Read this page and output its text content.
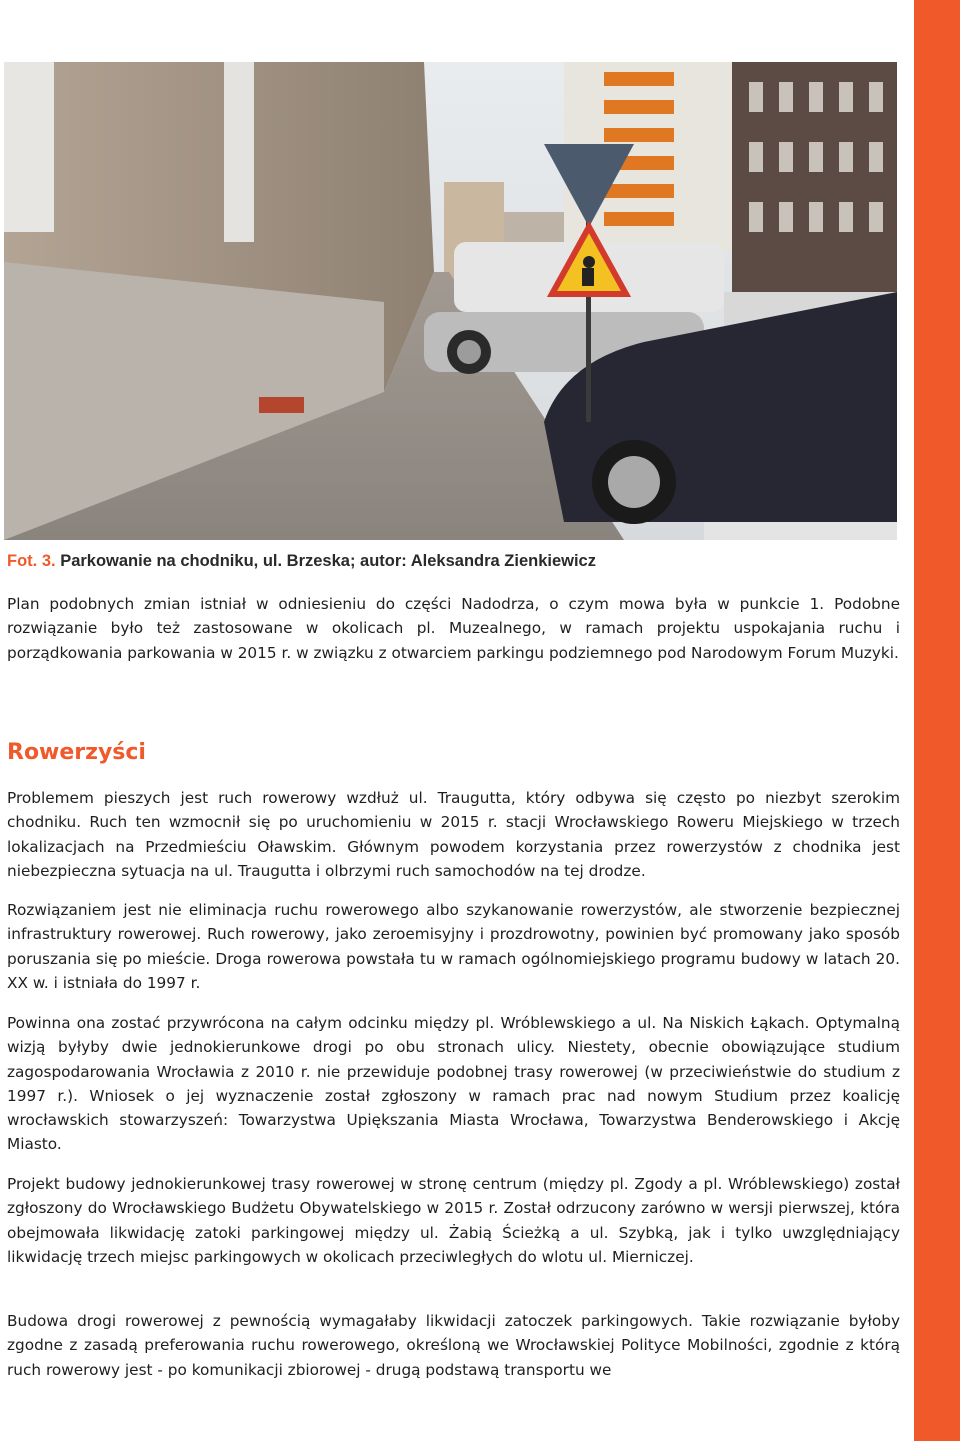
Fot. 3. Parkowanie na chodniku, ul. Brzeska; autor: Aleksandra Zienkiewicz
Plan podobnych zmian istniał w odniesieniu do części Nadodrza, o czym mowa była w punkcie 1. Podobne rozwiązanie było też zastosowane w okolicach pl. Muzealnego, w ramach projektu uspokajania ruchu i porządkowania parkowania w 2015 r. w związku z otwarciem parkingu podziemnego pod Narodowym Forum Muzyki.
Rowerzyści
Problemem pieszych jest ruch rowerowy wzdłuż ul. Traugutta, który odbywa się często po niezbyt szerokim chodniku. Ruch ten wzmocnił się po uruchomieniu w 2015 r. stacji Wrocławskiego Roweru Miejskiego w trzech lokalizacjach na Przedmieściu Oławskim. Głównym powodem korzystania przez rowerzystów z chodnika jest niebezpieczna sytuacja na ul. Traugutta i olbrzymi ruch samochodów na tej drodze.
Rozwiązaniem jest nie eliminacja ruchu rowerowego albo szykanowanie rowerzystów, ale stworzenie bezpiecznej infrastruktury rowerowej. Ruch rowerowy, jako zeroemisyjny i prozdrowotny, powinien być promowany jako sposób poruszania się po mieście. Droga rowerowa powstała tu w ramach ogólnomiejskiego programu budowy w latach 20. XX w. i istniała do 1997 r.
Powinna ona zostać przywrócona na całym odcinku między pl. Wróblewskiego a ul. Na Niskich Łąkach. Optymalną wizją byłyby dwie jednokierunkowe drogi po obu stronach ulicy. Niestety, obecnie obowiązujące studium zagospodarowania Wrocławia z 2010 r. nie przewiduje podobnej trasy rowerowej (w przeciwieństwie do studium z 1997 r.). Wniosek o jej wyznaczenie został zgłoszony w ramach prac nad nowym Studium przez koalicję wrocławskich stowarzyszeń: Towarzystwa Upiększania Miasta Wrocława, Towarzystwa Benderowskiego i Akcję Miasto.
Projekt budowy jednokierunkowej trasy rowerowej w stronę centrum (między pl. Zgody a pl. Wróblewskiego) został zgłoszony do Wrocławskiego Budżetu Obywatelskiego w 2015 r. Został odrzucony zarówno w wersji pierwszej, która obejmowała likwidację zatoki parkingowej między ul. Żabią Ścieżką a ul. Szybką, jak i tylko uwzględniający likwidację trzech miejsc parkingowych w okolicach przeciwległych do wlotu ul. Mierniczej.
Budowa drogi rowerowej z pewnością wymagałaby likwidacji zatoczek parkingowych. Takie rozwiązanie byłoby zgodne z zasadą preferowania ruchu rowerowego, określoną we Wrocławskiej Polityce Mobilności, zgodnie z którą ruch rowerowy jest - po komunikacji zbiorowej - drugą podstawą transportu we
